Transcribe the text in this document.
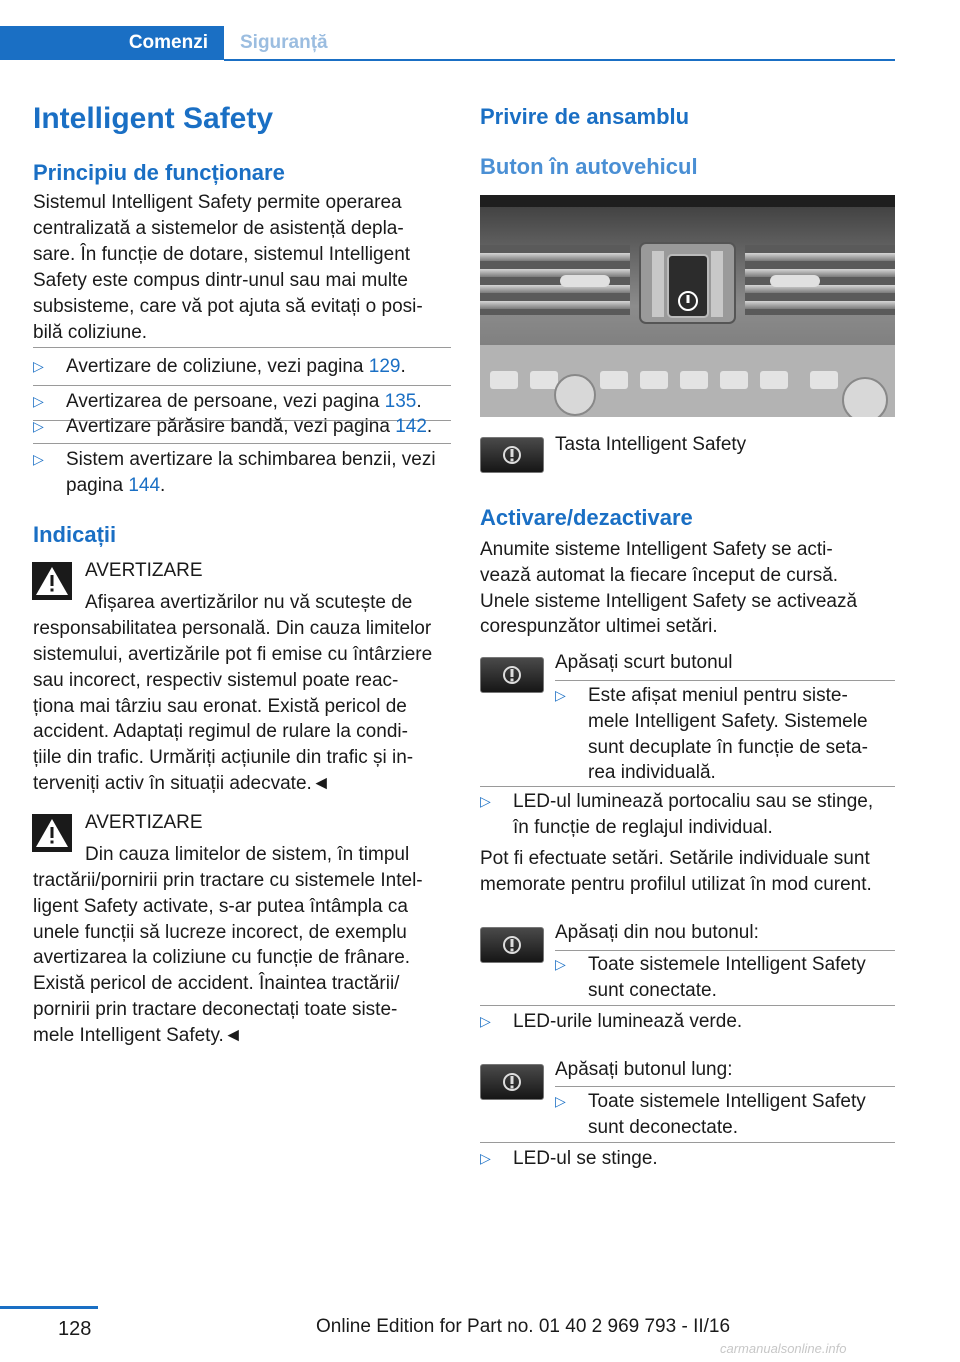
Comenzi	Siguranță
Intelligent Safety
Principiu de funcționare
Sistemul Intelligent Safety permite operarea
centralizată a sistemelor de asistență depla‐
sare. În funcție de dotare, sistemul Intelligent
Safety este compus dintr-unul sau mai multe
subsisteme, care vă pot ajuta să evitați o posi‐
bilă coliziune.
▷ Avertizare de coliziune, vezi pagina 129.
▷ Avertizarea de persoane, vezi pagina 135.
▷ Avertizare părăsire bandă, vezi pagina 142.
▷ Sistem avertizare la schimbarea benzii, vezi
pagina 144.
Indicații
AVERTIZARE
Afișarea avertizărilor nu vă scutește de
responsabilitatea personală. Din cauza limitelor
sistemului, avertizările pot fi emise cu întârziere
sau incorect, respectiv sistemul poate reac‐
ționa mai târziu sau eronat. Există pericol de
accident. Adaptați regimul de rulare la condi‐
țiile din trafic. Urmăriți acțiunile din trafic și in‐
terveniți activ în situații adecvate.◄
AVERTIZARE
Din cauza limitelor de sistem, în timpul
tractării/pornirii prin tractare cu sistemele Intel‐
ligent Safety activate, s-ar putea întâmpla ca
unele funcții să lucreze incorect, de exemplu
avertizarea la coliziune cu funcție de frânare.
Există pericol de accident. Înaintea tractării/
pornirii prin tractare deconectați toate siste‐
mele Intelligent Safety.◄
Privire de ansamblu
Buton în autovehicul
Tasta Intelligent Safety
Activare/dezactivare
Anumite sisteme Intelligent Safety se acti‐
vează automat la fiecare început de cursă.
Unele sisteme Intelligent Safety se activează
corespunzător ultimei setări.
Apăsați scurt butonul
▷ Este afișat meniul pentru siste‐
mele Intelligent Safety. Sistemele
sunt decuplate în funcție de seta‐
rea individuală.
▷ LED-ul luminează portocaliu sau se stinge,
în funcție de reglajul individual.
Pot fi efectuate setări. Setările individuale sunt
memorate pentru profilul utilizat în mod curent.
Apăsați din nou butonul:
▷ Toate sistemele Intelligent Safety
sunt conectate.
▷ LED-urile luminează verde.
Apăsați butonul lung:
▷ Toate sistemele Intelligent Safety
sunt deconectate.
▷ LED-ul se stinge.
128	Online Edition for Part no. 01 40 2 969 793 - II/16
carmanualsonline.info
